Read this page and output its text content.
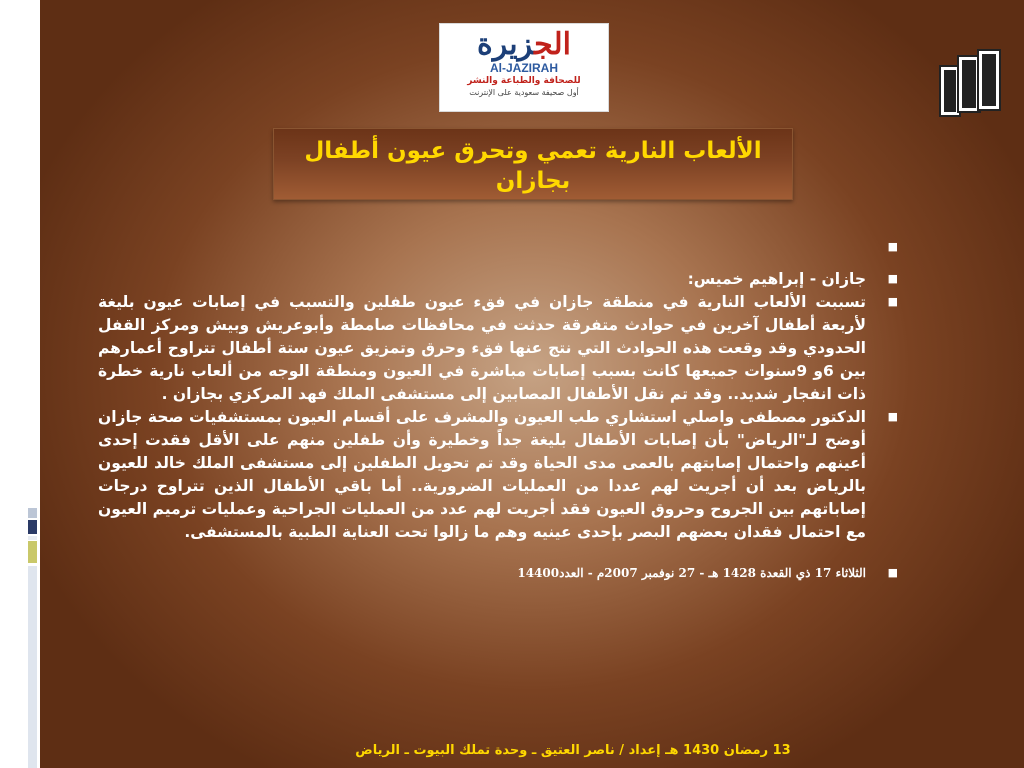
الجزيرة
Al-JAZIRAH
للصحافة والطباعة والنشر
أول صحيفة سعودية على الإنترنت
الألعاب النارية تعمي وتحرق عيون أطفال بجازان
■
■
جازان - إبراهيم خميس:
■
تسببت الألعاب النارية في منطقة جازان في فقء عيون طفلين والتسبب في إصابات عيون بليغة لأربعة أطفال آخرين في حوادث متفرقة حدثت في محافظات صامطة وأبوعريش وبيش ومركز القفل الحدودي وقد وقعت هذه الحوادث التي نتج عنها فقء وحرق وتمزيق عيون ستة أطفال تتراوح أعمارهم بين 6و 9سنوات جميعها كانت بسبب إصابات مباشرة في العيون ومنطقة الوجه من ألعاب نارية خطرة ذات انفجار شديد.. وقد تم نقل الأطفال المصابين إلى مستشفى الملك فهد المركزي بجازان .
■
الدكتور مصطفى واصلي استشاري طب العيون والمشرف على أقسام العيون بمستشفيات صحة جازان أوضح لـ"الرياض" بأن إصابات الأطفال بليغة جداً وخطيرة وأن طفلين منهم على الأقل فقدت إحدى أعينهم واحتمال إصابتهم بالعمى مدى الحياة وقد تم تحويل الطفلين إلى مستشفى الملك خالد للعيون بالرياض بعد أن أجريت لهم عددا من العمليات الضرورية.. أما باقي الأطفال الذين تتراوح درجات إصاباتهم بين الجروح وحروق العيون فقد أجريت لهم عدد من العمليات الجراحية وعمليات ترميم العيون مع احتمال فقدان بعضهم البصر بإحدى عينيه وهم ما زالوا تحت العناية الطبية بالمستشفى.
■
الثلاثاء 17 ذي القعدة 1428 هـ - 27 نوفمبر 2007م - العدد14400
13 رمضان 1430 هـ إعداد / ناصر العتيق ـ وحدة تملك البيوت ـ الرياض
